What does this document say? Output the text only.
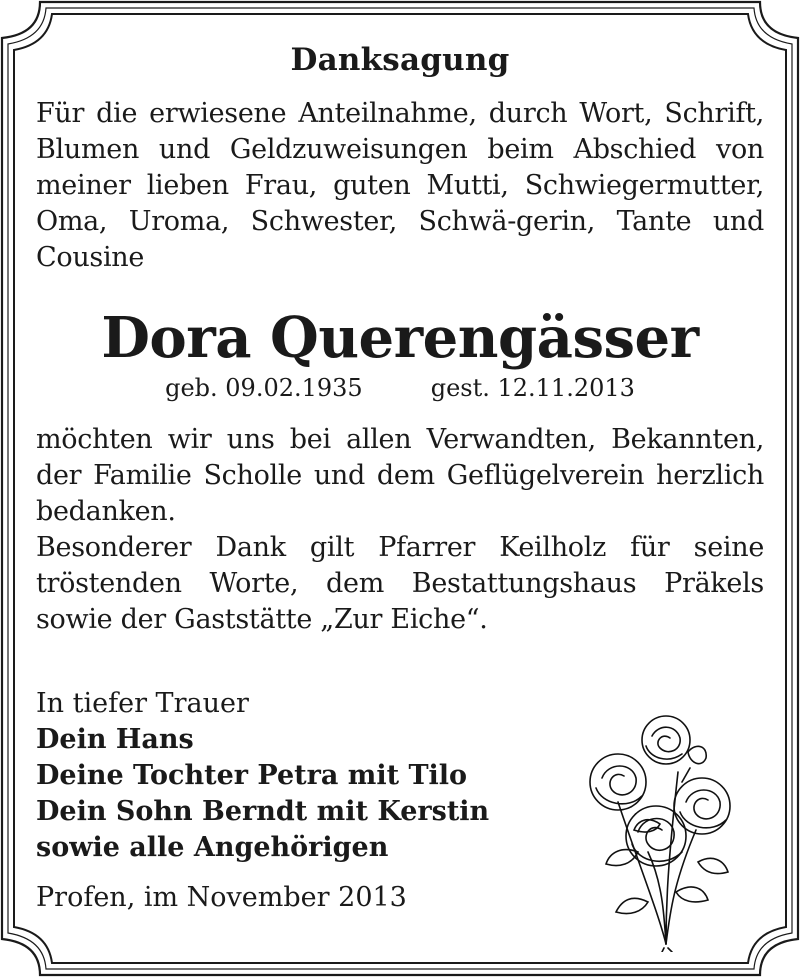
Danksagung

Für die erwiesene Anteilnahme, durch Wort, Schrift, Blumen und Geldzuweisungen beim Abschied von meiner lieben Frau, guten Mutti, Schwiegermutter, Oma, Uroma, Schwester, Schwä-gerin, Tante und Cousine

Dora Querengässer
geb. 09.02.1935	gest. 12.11.2013

möchten wir uns bei allen Verwandten, Bekannten, der Familie Scholle und dem Geflügelverein herzlich bedanken.

Besonderer Dank gilt Pfarrer Keilholz für seine tröstenden Worte, dem Bestattungshaus Präkels sowie der Gaststätte „Zur Eiche“.

In tiefer Trauer
Dein Hans
Deine Tochter Petra mit Tilo
Dein Sohn Berndt mit Kerstin
sowie alle Angehörigen
Profen, im November 2013
